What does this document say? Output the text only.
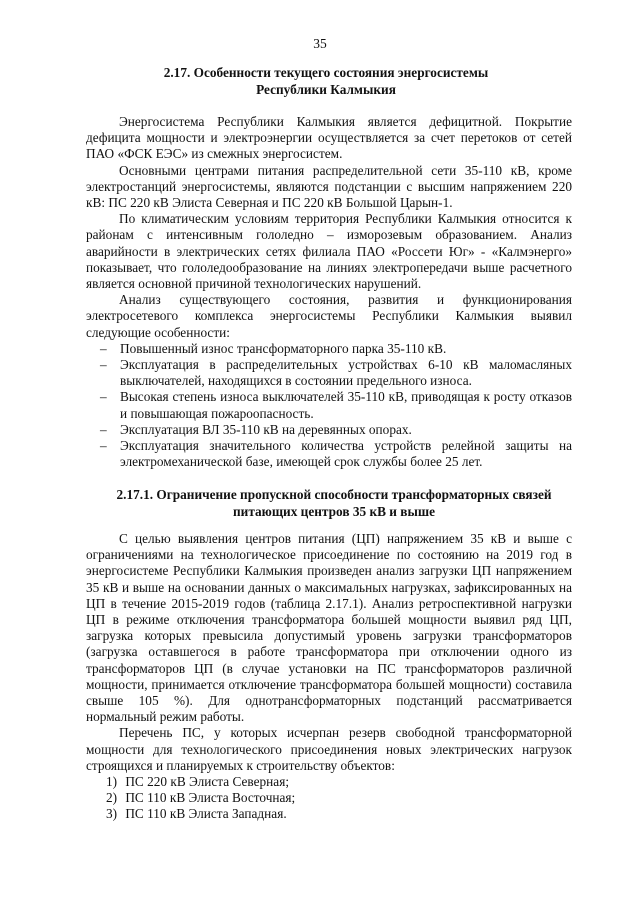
35
2.17. Особенности текущего состояния энергосистемы
Республики Калмыкия

Энергосистема Республики Калмыкия является дефицитной. Покрытие дефицита мощности и электроэнергии осуществляется за счет перетоков от сетей ПАО «ФСК ЕЭС» из смежных энергосистем.

Основными центрами питания распределительной сети 35-110 кВ, кроме электростанций энергосистемы, являются подстанции с высшим напряжением 220 кВ: ПС 220 кВ Элиста Северная и ПС 220 кВ Большой Царын-1.

По климатическим условиям территория Республики Калмыкия относится к районам с интенсивным гололедно – изморозевым образованием. Анализ аварийности в электрических сетях филиала ПАО «Россети Юг» - «Калмэнерго» показывает, что гололедообразование на линиях электропередачи выше расчетного является основной причиной технологических нарушений.

Анализ существующего состояния, развития и функционирования электросетевого комплекса энергосистемы Республики Калмыкия выявил следующие особенности:

– Повышенный износ трансформаторного парка 35-110 кВ.
– Эксплуатация в распределительных устройствах 6-10 кВ маломасляных выключателей, находящихся в состоянии предельного износа.
– Высокая степень износа выключателей 35-110 кВ, приводящая к росту отказов и повышающая пожароопасность.
– Эксплуатация ВЛ 35-110 кВ на деревянных опорах.
– Эксплуатация значительного количества устройств релейной защиты на электромеханической базе, имеющей срок службы более 25 лет.
2.17.1. Ограничение пропускной способности трансформаторных связей
питающих центров 35 кВ и выше

С целью выявления центров питания (ЦП) напряжением 35 кВ и выше с ограничениями на технологическое присоединение по состоянию на 2019 год в энергосистеме Республики Калмыкия произведен анализ загрузки ЦП напряжением 35 кВ и выше на основании данных о максимальных нагрузках, зафиксированных на ЦП в течение 2015-2019 годов (таблица 2.17.1). Анализ ретроспективной нагрузки ЦП в режиме отключения трансформатора большей мощности выявил ряд ЦП, загрузка которых превысила допустимый уровень загрузки трансформаторов (загрузка оставшегося в работе трансформатора при отключении одного из трансформаторов ЦП (в случае установки на ПС трансформаторов различной мощности, принимается отключение трансформатора большей мощности) составила свыше 105 %). Для однотрансформаторных подстанций рассматривается нормальный режим работы.

Перечень ПС, у которых исчерпан резерв свободной трансформаторной мощности для технологического присоединения новых электрических нагрузок строящихся и планируемых к строительству объектов:

1) ПС 220 кВ Элиста Северная;
2) ПС 110 кВ Элиста Восточная;
3) ПС 110 кВ Элиста Западная.
